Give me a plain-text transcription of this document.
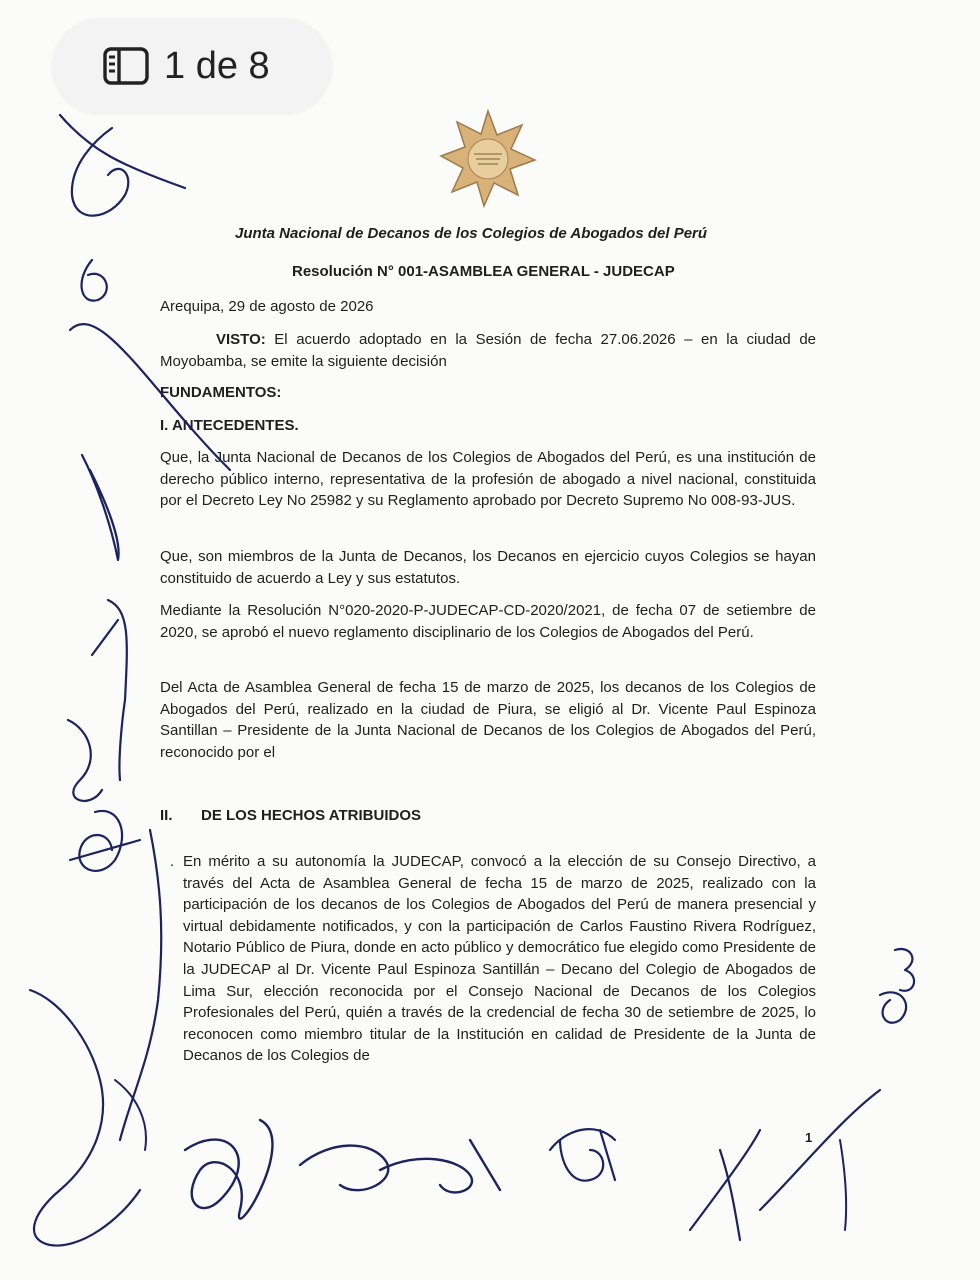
1 de 8
Junta Nacional de Decanos de los Colegios de Abogados del Perú
Resolución N° 001-ASAMBLEA GENERAL - JUDECAP
Arequipa, 29 de agosto de 2026
VISTO: El acuerdo adoptado en la Sesión de fecha 27.06.2026 – en la ciudad de Moyobamba, se emite la siguiente decisión
FUNDAMENTOS:
I. ANTECEDENTES.
Que, la Junta Nacional de Decanos de los Colegios de Abogados del Perú, es una institución de derecho público interno, representativa de la profesión de abogado a nivel nacional, constituida por el Decreto Ley No 25982 y su Reglamento aprobado por Decreto Supremo No 008-93-JUS.
Que, son miembros de la Junta de Decanos, los Decanos en ejercicio cuyos Colegios se hayan constituido de acuerdo a Ley y sus estatutos.
Mediante la Resolución N°020-2020-P-JUDECAP-CD-2020/2021, de fecha 07 de setiembre de 2020, se aprobó el nuevo reglamento disciplinario de los Colegios de Abogados del Perú.
Del Acta de Asamblea General de fecha 15 de marzo de 2025, los decanos de los Colegios de Abogados del Perú, realizado en la ciudad de Piura, se eligió al Dr. Vicente Paul Espinoza Santillan – Presidente de la Junta Nacional de Decanos de los Colegios de Abogados del Perú, reconocido por el
II. DE LOS HECHOS ATRIBUIDOS
. En mérito a su autonomía la JUDECAP, convocó a la elección de su Consejo Directivo, a través del Acta de Asamblea General de fecha 15 de marzo de 2025, realizado con la participación de los decanos de los Colegios de Abogados del Perú de manera presencial y virtual debidamente notificados, y con la participación de Carlos Faustino Rivera Rodríguez, Notario Público de Piura, donde en acto público y democrático fue elegido como Presidente de la JUDECAP al Dr. Vicente Paul Espinoza Santillán – Decano del Colegio de Abogados de Lima Sur, elección reconocida por el Consejo Nacional de Decanos de los Colegios Profesionales del Perú, quién a través de la credencial de fecha 30 de setiembre de 2025, lo reconocen como miembro titular de la Institución en calidad de Presidente de la Junta de Decanos de los Colegios de
1
